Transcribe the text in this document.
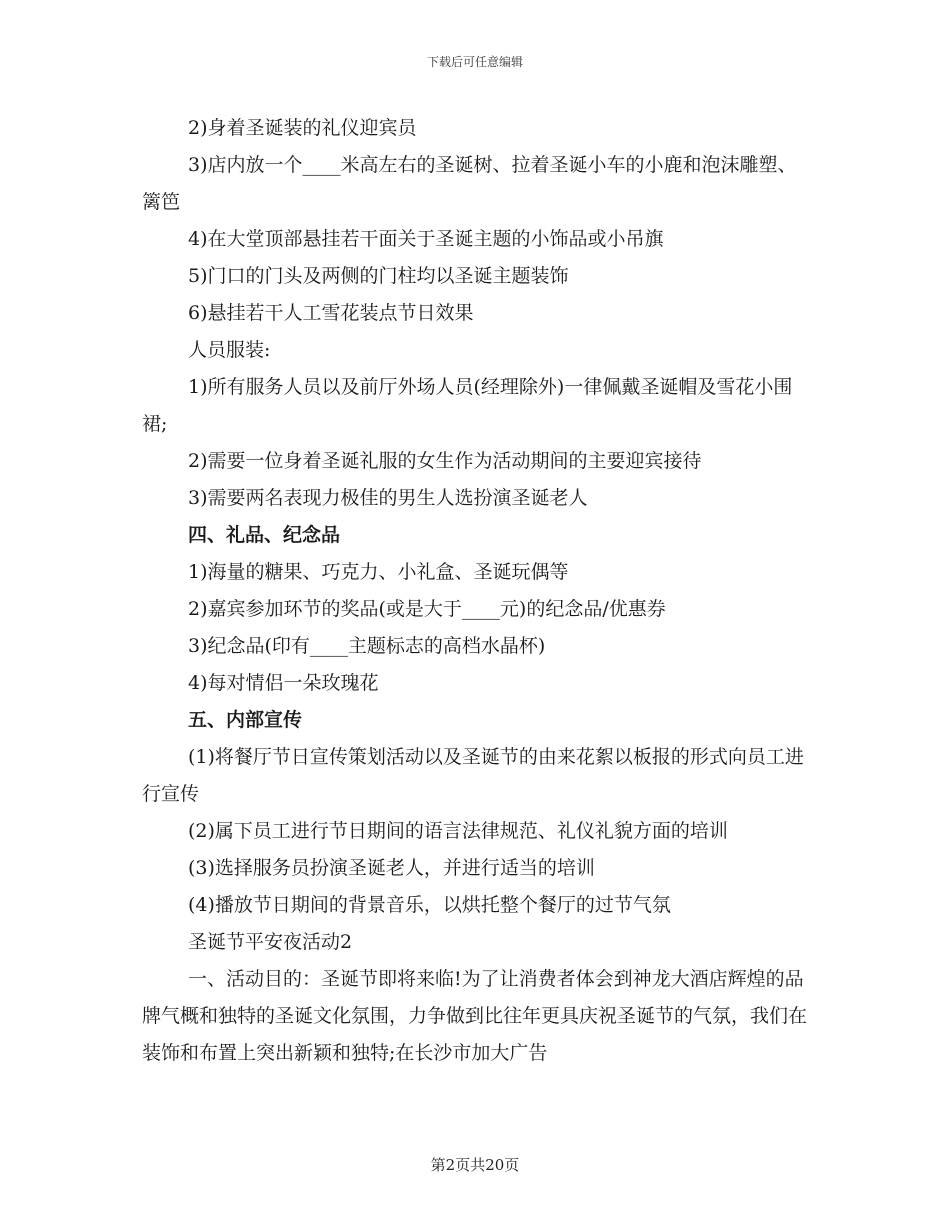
下载后可任意编辑

2)身着圣诞装的礼仪迎宾员

3)店内放一个____米高左右的圣诞树、拉着圣诞小车的小鹿和泡沫雕塑、篱笆

4)在大堂顶部悬挂若干面关于圣诞主题的小饰品或小吊旗

5)门口的门头及两侧的门柱均以圣诞主题装饰

6)悬挂若干人工雪花装点节日效果

人员服装:

1)所有服务人员以及前厅外场人员(经理除外)一律佩戴圣诞帽及雪花小围裙;

2)需要一位身着圣诞礼服的女生作为活动期间的主要迎宾接待

3)需要两名表现力极佳的男生人选扮演圣诞老人

四、礼品、纪念品

1)海量的糖果、巧克力、小礼盒、圣诞玩偶等

2)嘉宾参加环节的奖品(或是大于____元)的纪念品/优惠券

3)纪念品(印有____主题标志的高档水晶杯)

4)每对情侣一朵玫瑰花

五、内部宣传

(1)将餐厅节日宣传策划活动以及圣诞节的由来花絮以板报的形式向员工进行宣传

(2)属下员工进行节日期间的语言法律规范、礼仪礼貌方面的培训

(3)选择服务员扮演圣诞老人，并进行适当的培训

(4)播放节日期间的背景音乐，以烘托整个餐厅的过节气氛

圣诞节平安夜活动2

一、活动目的：圣诞节即将来临!为了让消费者体会到神龙大酒店辉煌的品牌气概和独特的圣诞文化氛围，力争做到比往年更具庆祝圣诞节的气氛，我们在装饰和布置上突出新颖和独特;在长沙市加大广告

第2页共20页
